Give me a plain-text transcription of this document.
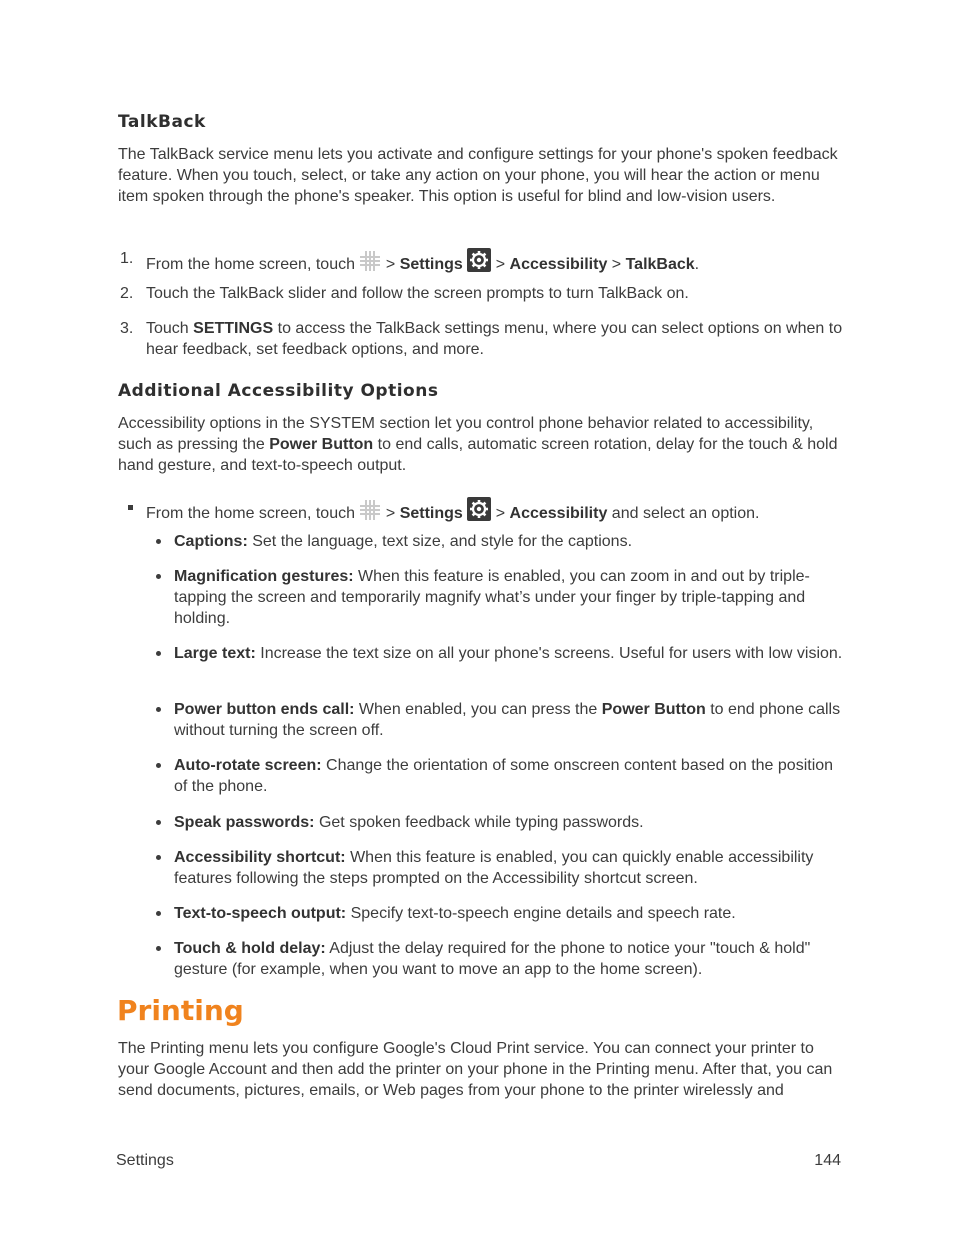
TalkBack

The TalkBack service menu lets you activate and configure settings for your phone's spoken feedback feature. When you touch, select, or take any action on your phone, you will hear the action or menu item spoken through the phone's speaker. This option is useful for blind and low-vision users.

1. From the home screen, touch > Settings > Accessibility > TalkBack.
2. Touch the TalkBack slider and follow the screen prompts to turn TalkBack on.
3. Touch SETTINGS to access the TalkBack settings menu, where you can select options on when to hear feedback, set feedback options, and more.
Additional Accessibility Options

Accessibility options in the SYSTEM section let you control phone behavior related to accessibility, such as pressing the Power Button to end calls, automatic screen rotation, delay for the touch & hold hand gesture, and text-to-speech output.

From the home screen, touch > Settings > Accessibility and select an option.
Captions: Set the language, text size, and style for the captions.
Magnification gestures: When this feature is enabled, you can zoom in and out by triple-tapping the screen and temporarily magnify what’s under your finger by triple-tapping and holding.
Large text: Increase the text size on all your phone's screens. Useful for users with low vision.
Power button ends call: When enabled, you can press the Power Button to end phone calls without turning the screen off.
Auto-rotate screen: Change the orientation of some onscreen content based on the position of the phone.
Speak passwords: Get spoken feedback while typing passwords.
Accessibility shortcut: When this feature is enabled, you can quickly enable accessibility features following the steps prompted on the Accessibility shortcut screen.
Text-to-speech output: Specify text-to-speech engine details and speech rate.
Touch & hold delay: Adjust the delay required for the phone to notice your "touch & hold" gesture (for example, when you want to move an app to the home screen).
Printing

The Printing menu lets you configure Google's Cloud Print service. You can connect your printer to your Google Account and then add the printer on your phone in the Printing menu. After that, you can send documents, pictures, emails, or Web pages from your phone to the printer wirelessly and

Settings	144
